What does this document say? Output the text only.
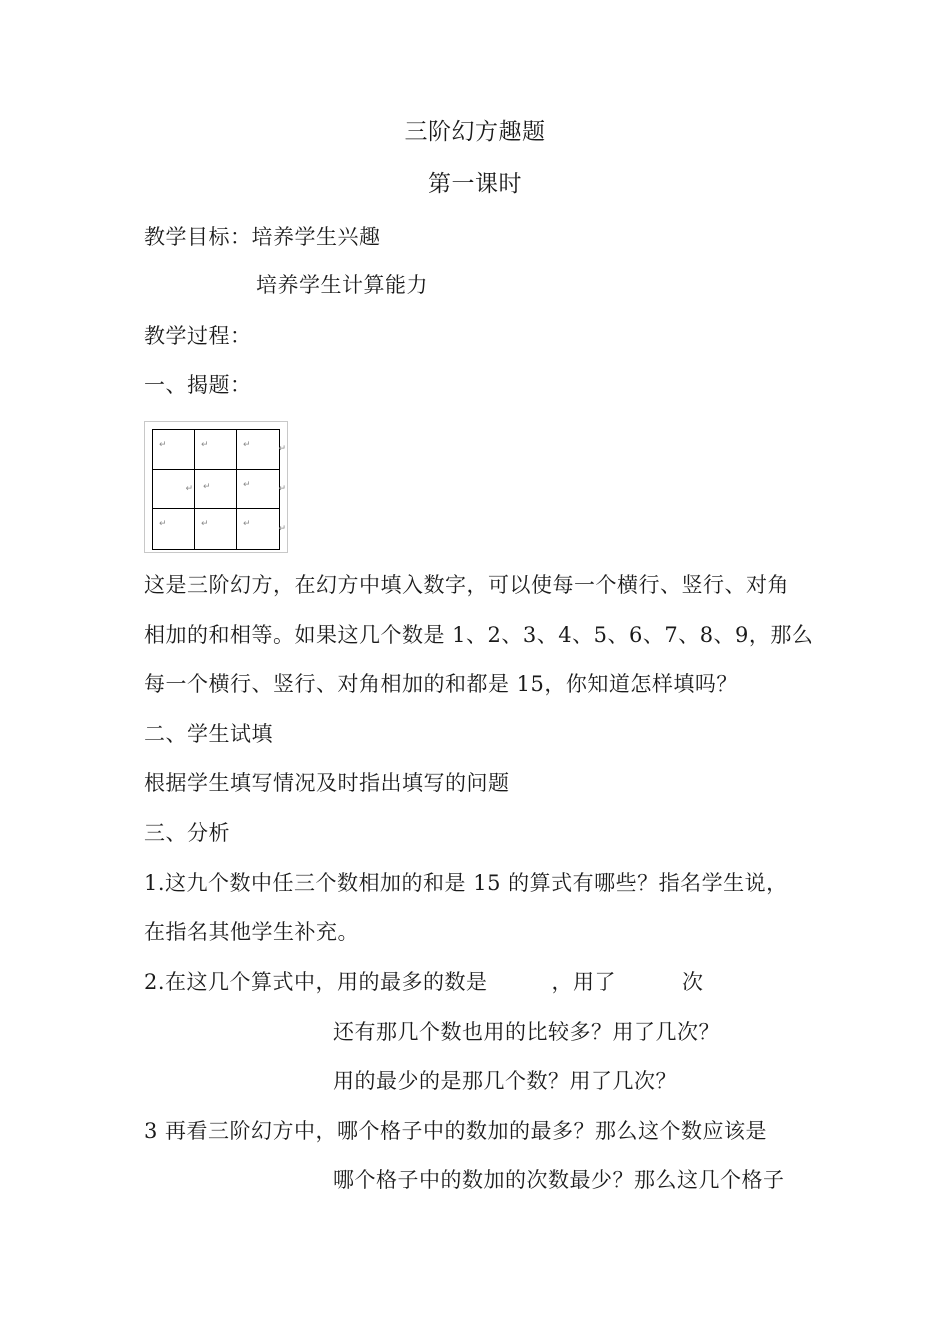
三阶幻方趣题
第一课时
教学目标：培养学生兴趣
培养学生计算能力
教学过程：
一、揭题：
↵	↵	↵
↵ ↵	↵
↵	↵	↵
↵
↵
↵
这是三阶幻方，在幻方中填入数字，可以使每一个横行、竖行、对角
相加的和相等。如果这几个数是 1、2、3、4、5、6、7、8、9，那么
每一个横行、竖行、对角相加的和都是 15，你知道怎样填吗？
二、学生试填
根据学生填写情况及时指出填写的问题
三、分析
1.这九个数中任三个数相加的和是 15 的算式有哪些？指名学生说，
在指名其他学生补充。
2.在这几个算式中，用的最多的数是	，用了	次
还有那几个数也用的比较多？用了几次？
用的最少的是那几个数？用了几次？
3 再看三阶幻方中，哪个格子中的数加的最多？那么这个数应该是
哪个格子中的数加的次数最少？那么这几个格子
